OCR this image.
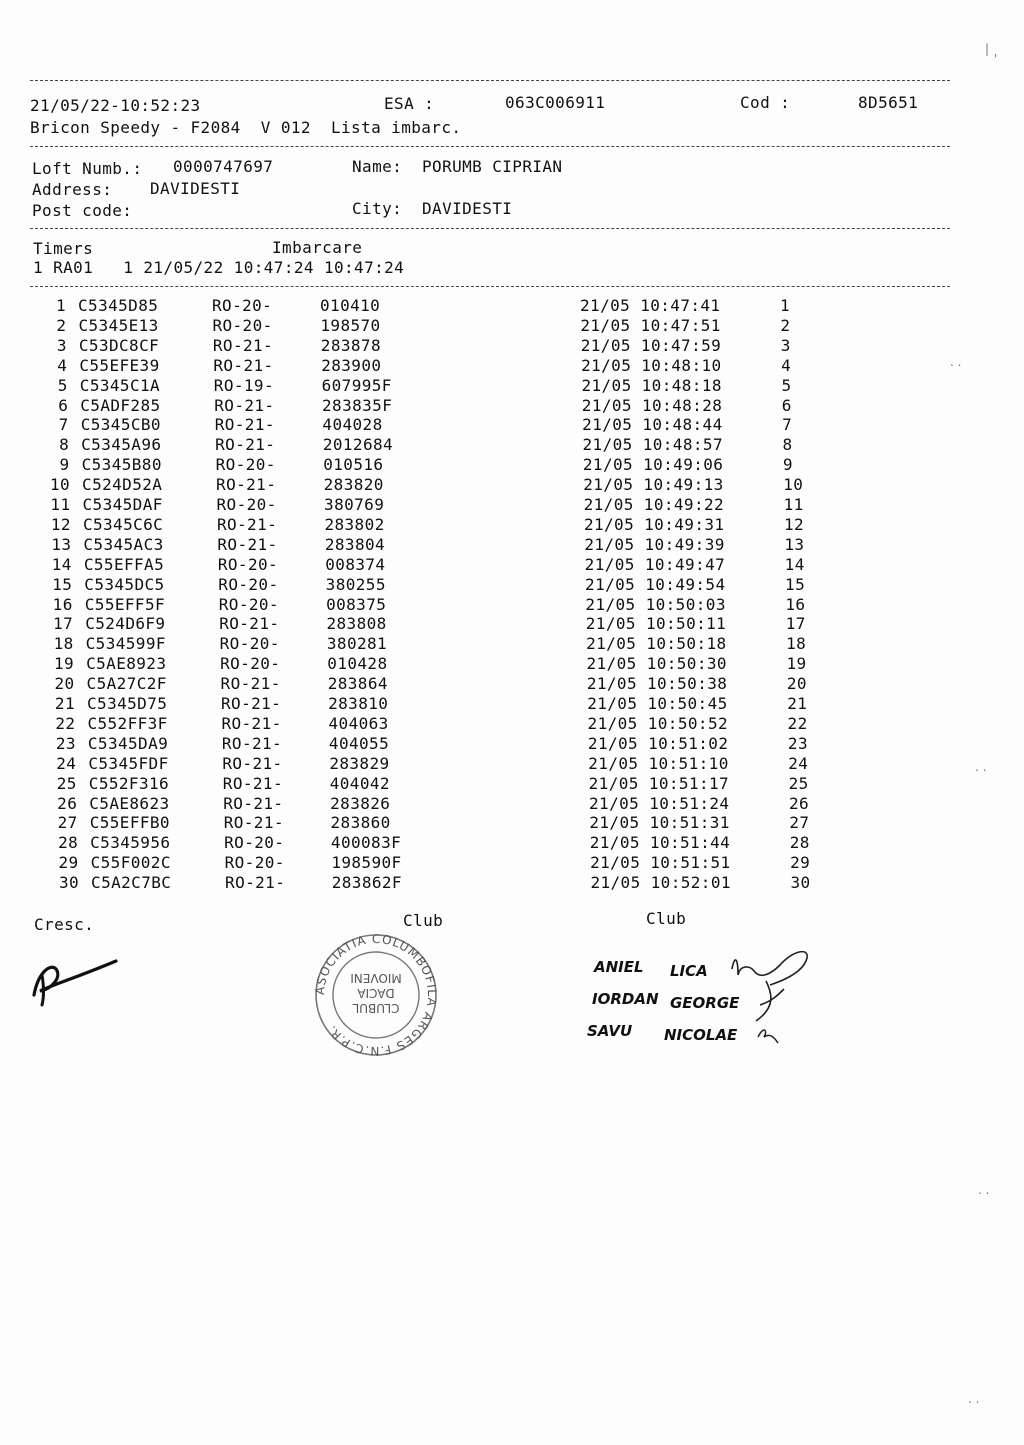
21/05/22-10:52:23	ESA :	063C006911	Cod :	8D5651
Bricon Speedy - F2084  V 012  Lista imbarc.
Loft Numb.: 0000747697	Name: PORUMB CIPRIAN
Address: DAVIDESTI
Post code:	City: DAVIDESTI
Timers	Imbarcare
1 RA01   1 21/05/22 10:47:24 10:47:24
1 C5345D85	RO-20-	010410	21/05 10:47:41	1
2 C5345E13	RO-20-	198570	21/05 10:47:51	2
3 C53DC8CF	RO-21-	283878	21/05 10:47:59	3
4 C55EFE39	RO-21-	283900	21/05 10:48:10	4
5 C5345C1A	RO-19-	607995F	21/05 10:48:18	5
6 C5ADF285	RO-21-	283835F	21/05 10:48:28	6
7 C5345CB0	RO-21-	404028	21/05 10:48:44	7
8 C5345A96	RO-21-	2012684	21/05 10:48:57	8
9 C5345B80	RO-20-	010516	21/05 10:49:06	9
10 C524D52A	RO-21-	283820	21/05 10:49:13	10
11 C5345DAF	RO-20-	380769	21/05 10:49:22	11
12 C5345C6C	RO-21-	283802	21/05 10:49:31	12
13 C5345AC3	RO-21-	283804	21/05 10:49:39	13
14 C55EFFA5	RO-20-	008374	21/05 10:49:47	14
15 C5345DC5	RO-20-	380255	21/05 10:49:54	15
16 C55EFF5F	RO-20-	008375	21/05 10:50:03	16
17 C524D6F9	RO-21-	283808	21/05 10:50:11	17
18 C534599F	RO-20-	380281	21/05 10:50:18	18
19 C5AE8923	RO-20-	010428	21/05 10:50:30	19
20 C5A27C2F	RO-21-	283864	21/05 10:50:38	20
21 C5345D75	RO-21-	283810	21/05 10:50:45	21
22 C552FF3F	RO-21-	404063	21/05 10:50:52	22
23 C5345DA9	RO-21-	404055	21/05 10:51:02	23
24 C5345FDF	RO-21-	283829	21/05 10:51:10	24
25 C552F316	RO-21-	404042	21/05 10:51:17	25
26 C5AE8623	RO-21-	283826	21/05 10:51:24	26
27 C55EFFB0	RO-21-	283860	21/05 10:51:31	27
28 C5345956	RO-20-	400083F	21/05 10:51:44	28
29 C55F002C	RO-20-	198590F	21/05 10:51:51	29
30 C5A2C7BC	RO-21-	283862F	21/05 10:52:01	30
Cresc.	Club	Club
ASOCIATIA COLUMBOFILA ARGES F.N.C.P.R.
CLUBUL
DACIA
MIOVENI
ANIEL LICA
IORDAN GEORGE
SAVU NICOLAE
|
'
. .
. .
. .
. .
